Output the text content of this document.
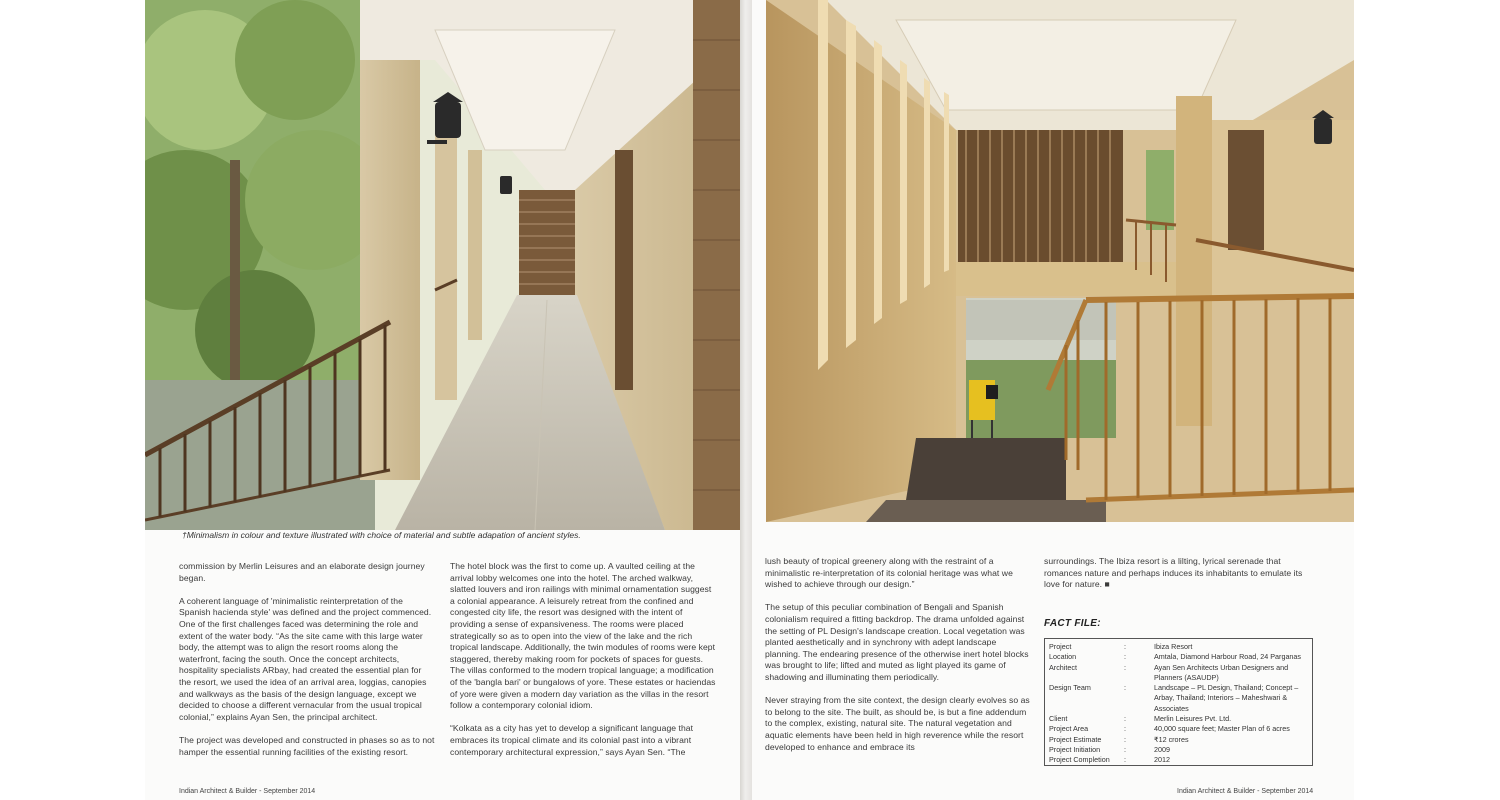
†Minimalism in colour and texture illustrated with choice of material and subtle adapation of ancient styles.

commission by Merlin Leisures and an elaborate design journey began.

A coherent language of 'minimalistic reinterpretation of the Spanish hacienda style' was defined and the project commenced. One of the first challenges faced was determining the role and extent of the water body. “As the site came with this large water body, the attempt was to align the resort rooms along the waterfront, facing the south. Once the concept architects, hospitality specialists ARbay, had created the essential plan for the resort, we used the idea of an arrival area, loggias, canopies and walkways as the basis of the design language, except we decided to choose a different vernacular from the usual tropical colonial,” explains Ayan Sen, the principal architect.

The project was developed and constructed in phases so as to not hamper the essential running facilities of the existing resort.

The hotel block was the first to come up. A vaulted ceiling at the arrival lobby welcomes one into the hotel. The arched walkway, slatted louvers and iron railings with minimal ornamentation suggest a colonial appearance. A leisurely retreat from the confined and congested city life, the resort was designed with the intent of providing a sense of expansiveness. The rooms were placed strategically so as to open into the view of the lake and the rich tropical landscape. Additionally, the twin modules of rooms were kept staggered, thereby making room for pockets of spaces for guests. The villas conformed to the modern tropical language; a modification of the 'bangla bari' or bungalows of yore. These estates or haciendas of yore were given a modern day variation as the villas in the resort follow a contemporary colonial idiom.

“Kolkata as a city has yet to develop a significant language that embraces its tropical climate and its colonial past into a vibrant contemporary architectural expression,” says Ayan Sen. “The

Indian Architect & Builder - September 2014

lush beauty of tropical greenery along with the restraint of a minimalistic re-interpretation of its colonial heritage was what we wished to achieve through our design.”

The setup of this peculiar combination of Bengali and Spanish colonialism required a fitting backdrop. The drama unfolded against the setting of PL Design's landscape creation. Local vegetation was planted aesthetically and in synchrony with adept landscape planning. The endearing presence of the otherwise inert hotel blocks was brought to life; lifted and muted as light played its game of shadowing and illuminating them periodically.

Never straying from the site context, the design clearly evolves so as to belong to the site. The built, as should be, is but a fine addendum to the complex, existing, natural site. The natural vegetation and aquatic elements have been held in high reverence while the resort developed to enhance and embrace its

surroundings. The Ibiza resort is a lilting, lyrical serenade that romances nature and perhaps induces its inhabitants to emulate its love for nature. ■

FACT FILE:
Project	:	Ibiza Resort
Location	:	Amtala, Diamond Harbour Road, 24 Parganas
Architect	:	Ayan Sen Architects Urban Designers and Planners (ASAUDP)
Design Team	:	Landscape – PL Design, Thailand; Concept – Arbay, Thailand; Interiors – Maheshwari & Associates
Client	:	Merlin Leisures Pvt. Ltd.
Project Area	:	40,000 square feet; Master Plan of 6 acres
Project Estimate	:	₹12 crores
Project Initiation	:	2009
Project Completion	:	2012
Indian Architect & Builder - September 2014
